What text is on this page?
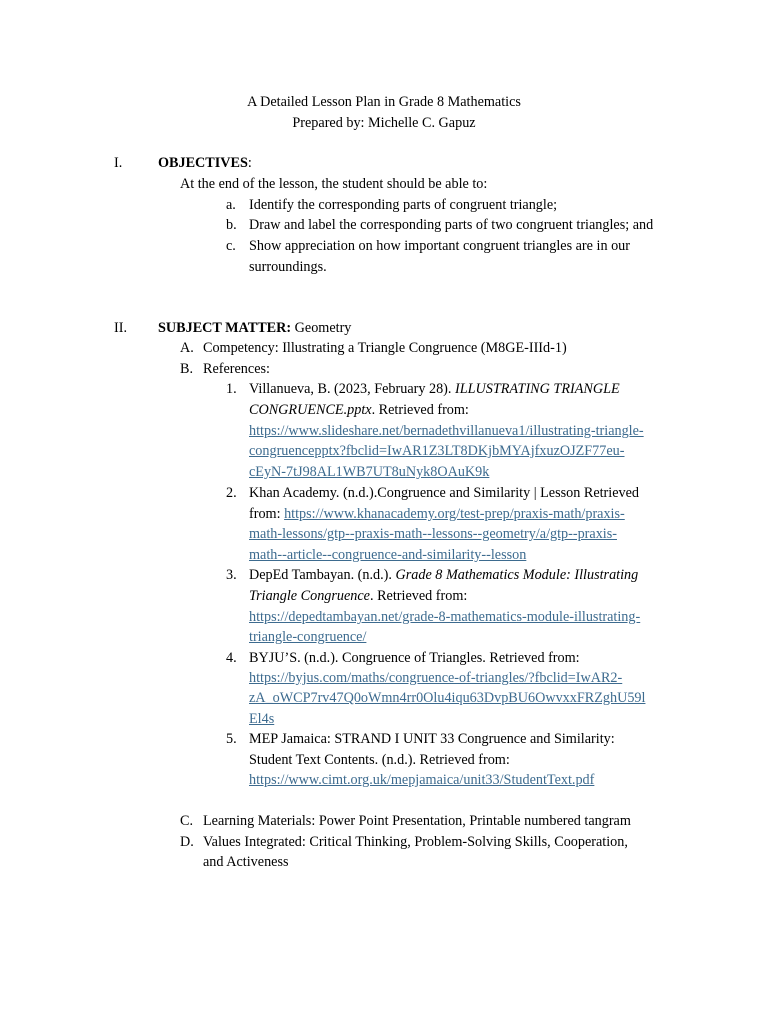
A Detailed Lesson Plan in Grade 8 Mathematics
Prepared by: Michelle C. Gapuz
I.	OBJECTIVES:
At the end of the lesson, the student should be able to:
a. Identify the corresponding parts of congruent triangle;
b. Draw and label the corresponding parts of two congruent triangles; and
c. Show appreciation on how important congruent triangles are in our
surroundings.
II. SUBJECT MATTER: Geometry
A. Competency: Illustrating a Triangle Congruence (M8GE-IIId-1)
B. References:
1. Villanueva, B. (2023, February 28). ILLUSTRATING TRIANGLE
CONGRUENCE.pptx. Retrieved from:
https://www.slideshare.net/bernadethvillanueva1/illustrating-triangle-
congruencepptx?fbclid=IwAR1Z3LT8DKjbMYAjfxuzOJZF77eu-
cEyN-7tJ98AL1WB7UT8uNyk8OAuK9k
2. Khan Academy. (n.d.).Congruence and Similarity | Lesson Retrieved
from: https://www.khanacademy.org/test-prep/praxis-math/praxis-
math-lessons/gtp--praxis-math--lessons--geometry/a/gtp--praxis-
math--article--congruence-and-similarity--lesson
3. DepEd Tambayan. (n.d.). Grade 8 Mathematics Module: Illustrating
Triangle Congruence. Retrieved from:
https://depedtambayan.net/grade-8-mathematics-module-illustrating-
triangle-congruence/
4. BYJU’S. (n.d.). Congruence of Triangles. Retrieved from:
https://byjus.com/maths/congruence-of-triangles/?fbclid=IwAR2-
zA_oWCP7rv47Q0oWmn4rr0Olu4iqu63DvpBU6OwvxxFRZghU59l
El4s
5. MEP Jamaica: STRAND I UNIT 33 Congruence and Similarity:
Student Text Contents. (n.d.). Retrieved from:
https://www.cimt.org.uk/mepjamaica/unit33/StudentText.pdf
C. Learning Materials: Power Point Presentation, Printable numbered tangram
D. Values Integrated: Critical Thinking, Problem-Solving Skills, Cooperation,
and Activeness
